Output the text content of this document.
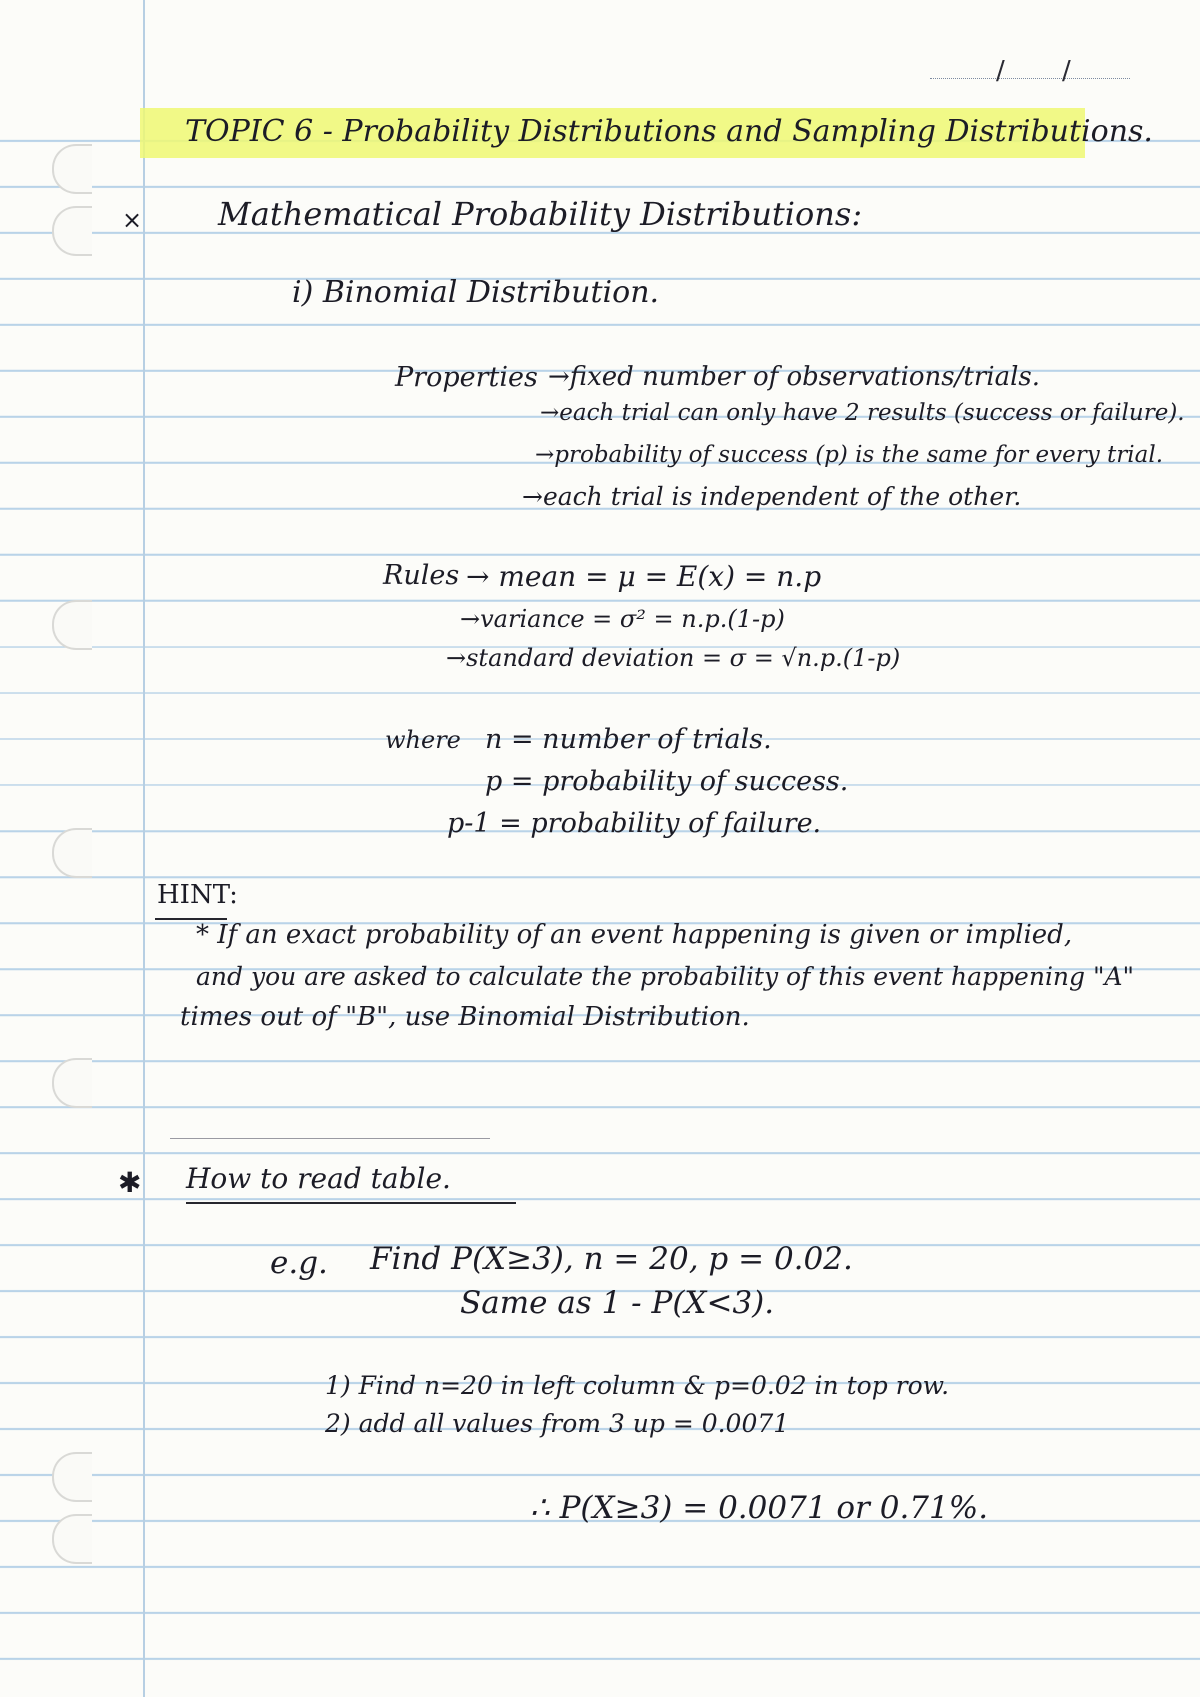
/ /
TOPIC 6 - Probability Distributions and Sampling Distributions.
× Mathematical Probability Distributions:
i) Binomial Distribution.
Properties →fixed number of observations/trials.
→each trial can only have 2 results (success or failure).
→probability of success (p) is the same for every trial.
→each trial is independent of the other.
Rules → mean = μ = E(x) = n.p
→variance = σ² = n.p.(1-p)
→standard deviation = σ = √n.p.(1-p)
where n = number of trials.
p = probability of success.
p-1 = probability of failure.
HINT:
* If an exact probability of an event happening is given or implied,
and you are asked to calculate the probability of this event happening "A"
times out of "B", use Binomial Distribution.
✱ How to read table.
e.g. Find P(X≥3), n = 20, p = 0.02.
Same as 1 - P(X<3).
1) Find n=20 in left column & p=0.02 in top row.
2) add all values from 3 up = 0.0071
∴ P(X≥3) = 0.0071 or 0.71%.
